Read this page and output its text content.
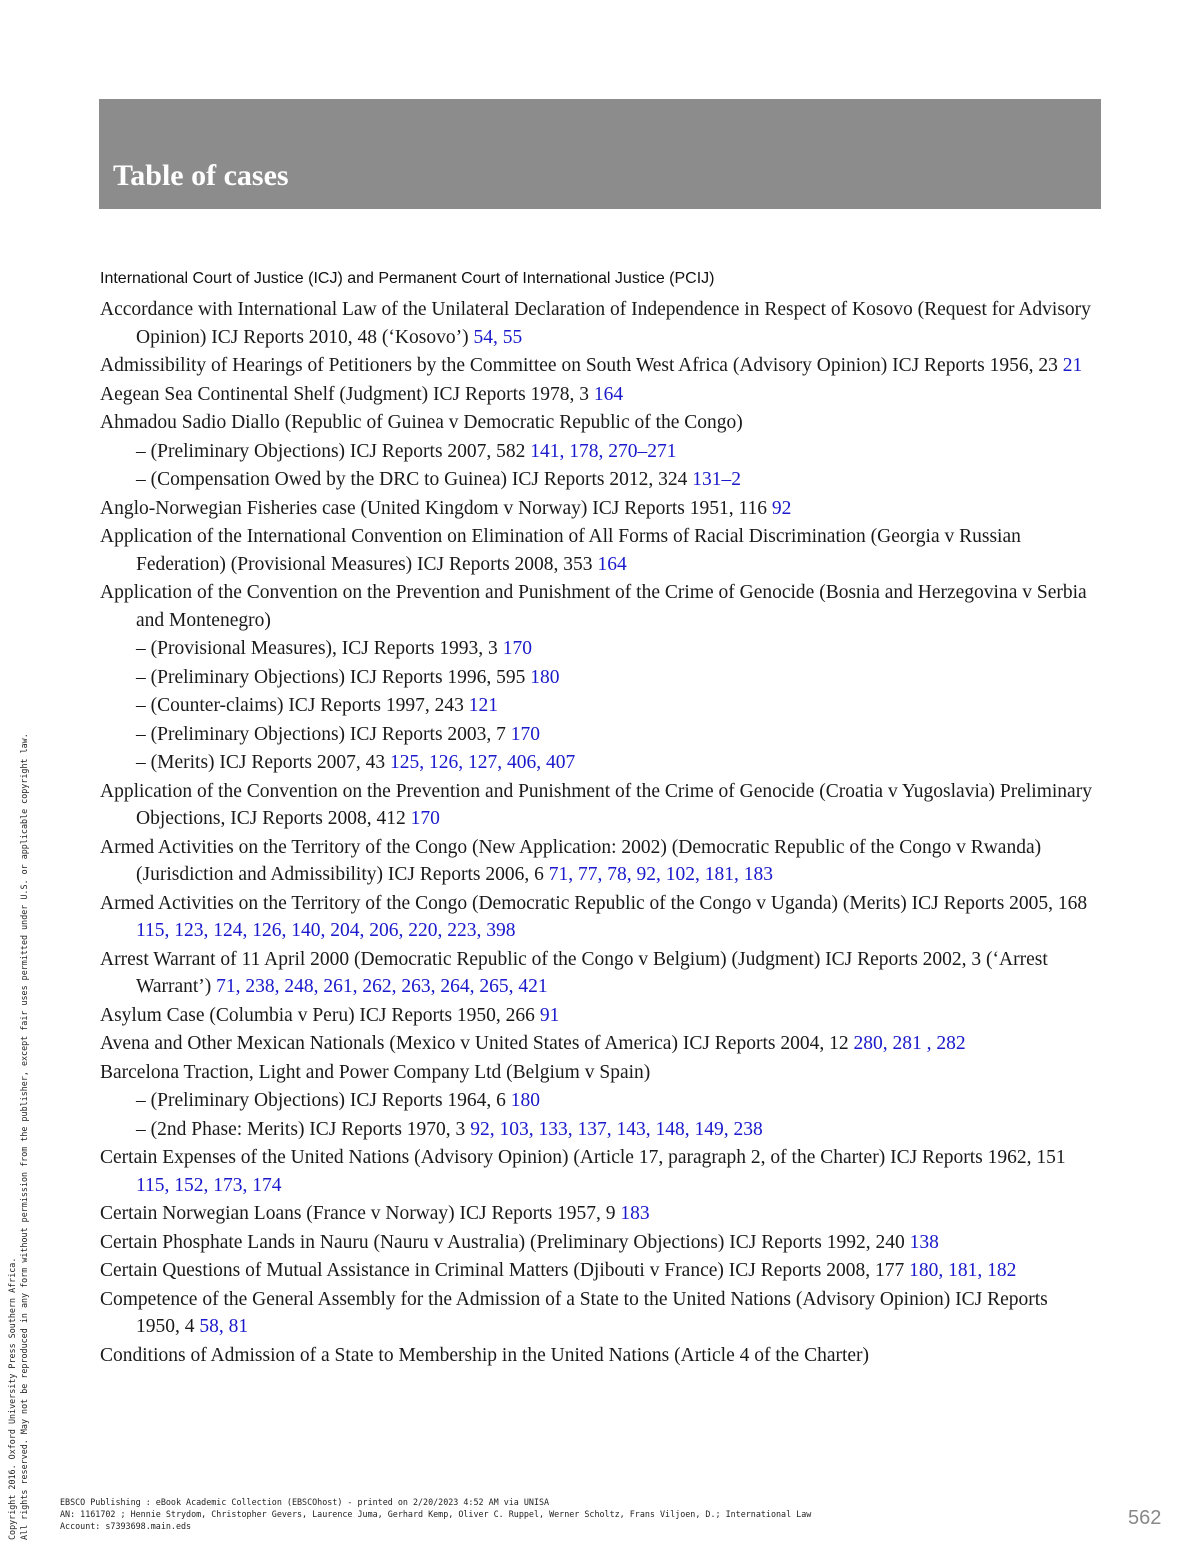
Table of cases
International Court of Justice (ICJ) and Permanent Court of International Justice (PCIJ)
Accordance with International Law of the Unilateral Declaration of Independence in Respect of Kosovo (Request for Advisory Opinion) ICJ Reports 2010, 48 (‘Kosovo’) 54, 55
Admissibility of Hearings of Petitioners by the Committee on South West Africa (Advisory Opinion) ICJ Reports 1956, 23 21
Aegean Sea Continental Shelf (Judgment) ICJ Reports 1978, 3 164
Ahmadou Sadio Diallo (Republic of Guinea v Democratic Republic of the Congo)
– (Preliminary Objections) ICJ Reports 2007, 582 141, 178, 270–271
– (Compensation Owed by the DRC to Guinea) ICJ Reports 2012, 324 131–2
Anglo-Norwegian Fisheries case (United Kingdom v Norway) ICJ Reports 1951, 116 92
Application of the International Convention on Elimination of All Forms of Racial Discrimination (Georgia v Russian Federation) (Provisional Measures) ICJ Reports 2008, 353 164
Application of the Convention on the Prevention and Punishment of the Crime of Genocide (Bosnia and Herzegovina v Serbia and Montenegro)
– (Provisional Measures), ICJ Reports 1993, 3 170
– (Preliminary Objections) ICJ Reports 1996, 595 180
– (Counter-claims) ICJ Reports 1997, 243 121
– (Preliminary Objections) ICJ Reports 2003, 7 170
– (Merits) ICJ Reports 2007, 43 125, 126, 127, 406, 407
Application of the Convention on the Prevention and Punishment of the Crime of Genocide (Croatia v Yugoslavia) Preliminary Objections, ICJ Reports 2008, 412 170
Armed Activities on the Territory of the Congo (New Application: 2002) (Democratic Republic of the Congo v Rwanda) (Jurisdiction and Admissibility) ICJ Reports 2006, 6 71, 77, 78, 92, 102, 181, 183
Armed Activities on the Territory of the Congo (Democratic Republic of the Congo v Uganda) (Merits) ICJ Reports 2005, 168 115, 123, 124, 126, 140, 204, 206, 220, 223, 398
Arrest Warrant of 11 April 2000 (Democratic Republic of the Congo v Belgium) (Judgment) ICJ Reports 2002, 3 (‘Arrest Warrant’) 71, 238, 248, 261, 262, 263, 264, 265, 421
Asylum Case (Columbia v Peru) ICJ Reports 1950, 266 91
Avena and Other Mexican Nationals (Mexico v United States of America) ICJ Reports 2004, 12 280, 281 , 282
Barcelona Traction, Light and Power Company Ltd (Belgium v Spain)
– (Preliminary Objections) ICJ Reports 1964, 6 180
– (2nd Phase: Merits) ICJ Reports 1970, 3 92, 103, 133, 137, 143, 148, 149, 238
Certain Expenses of the United Nations (Advisory Opinion) (Article 17, paragraph 2, of the Charter) ICJ Reports 1962, 151 115, 152, 173, 174
Certain Norwegian Loans (France v Norway) ICJ Reports 1957, 9 183
Certain Phosphate Lands in Nauru (Nauru v Australia) (Preliminary Objections) ICJ Reports 1992, 240 138
Certain Questions of Mutual Assistance in Criminal Matters (Djibouti v France) ICJ Reports 2008, 177 180, 181, 182
Competence of the General Assembly for the Admission of a State to the United Nations (Advisory Opinion) ICJ Reports 1950, 4 58, 81
Conditions of Admission of a State to Membership in the United Nations (Article 4 of the Charter)
Copyright 2016. Oxford University Press Southern Africa. All rights reserved. May not be reproduced in any form without permission from the publisher, except fair uses permitted under U.S. or applicable copyright law.	EBSCO Publishing : eBook Academic Collection (EBSCOhost) - printed on 2/20/2023 4:52 AM via UNISA
AN: 1161702 ; Hennie Strydom, Christopher Gevers, Laurence Juma, Gerhard Kemp, Oliver C. Ruppel, Werner Scholtz, Frans Viljoen, D.; International Law
Account: s7393698.main.eds	562
